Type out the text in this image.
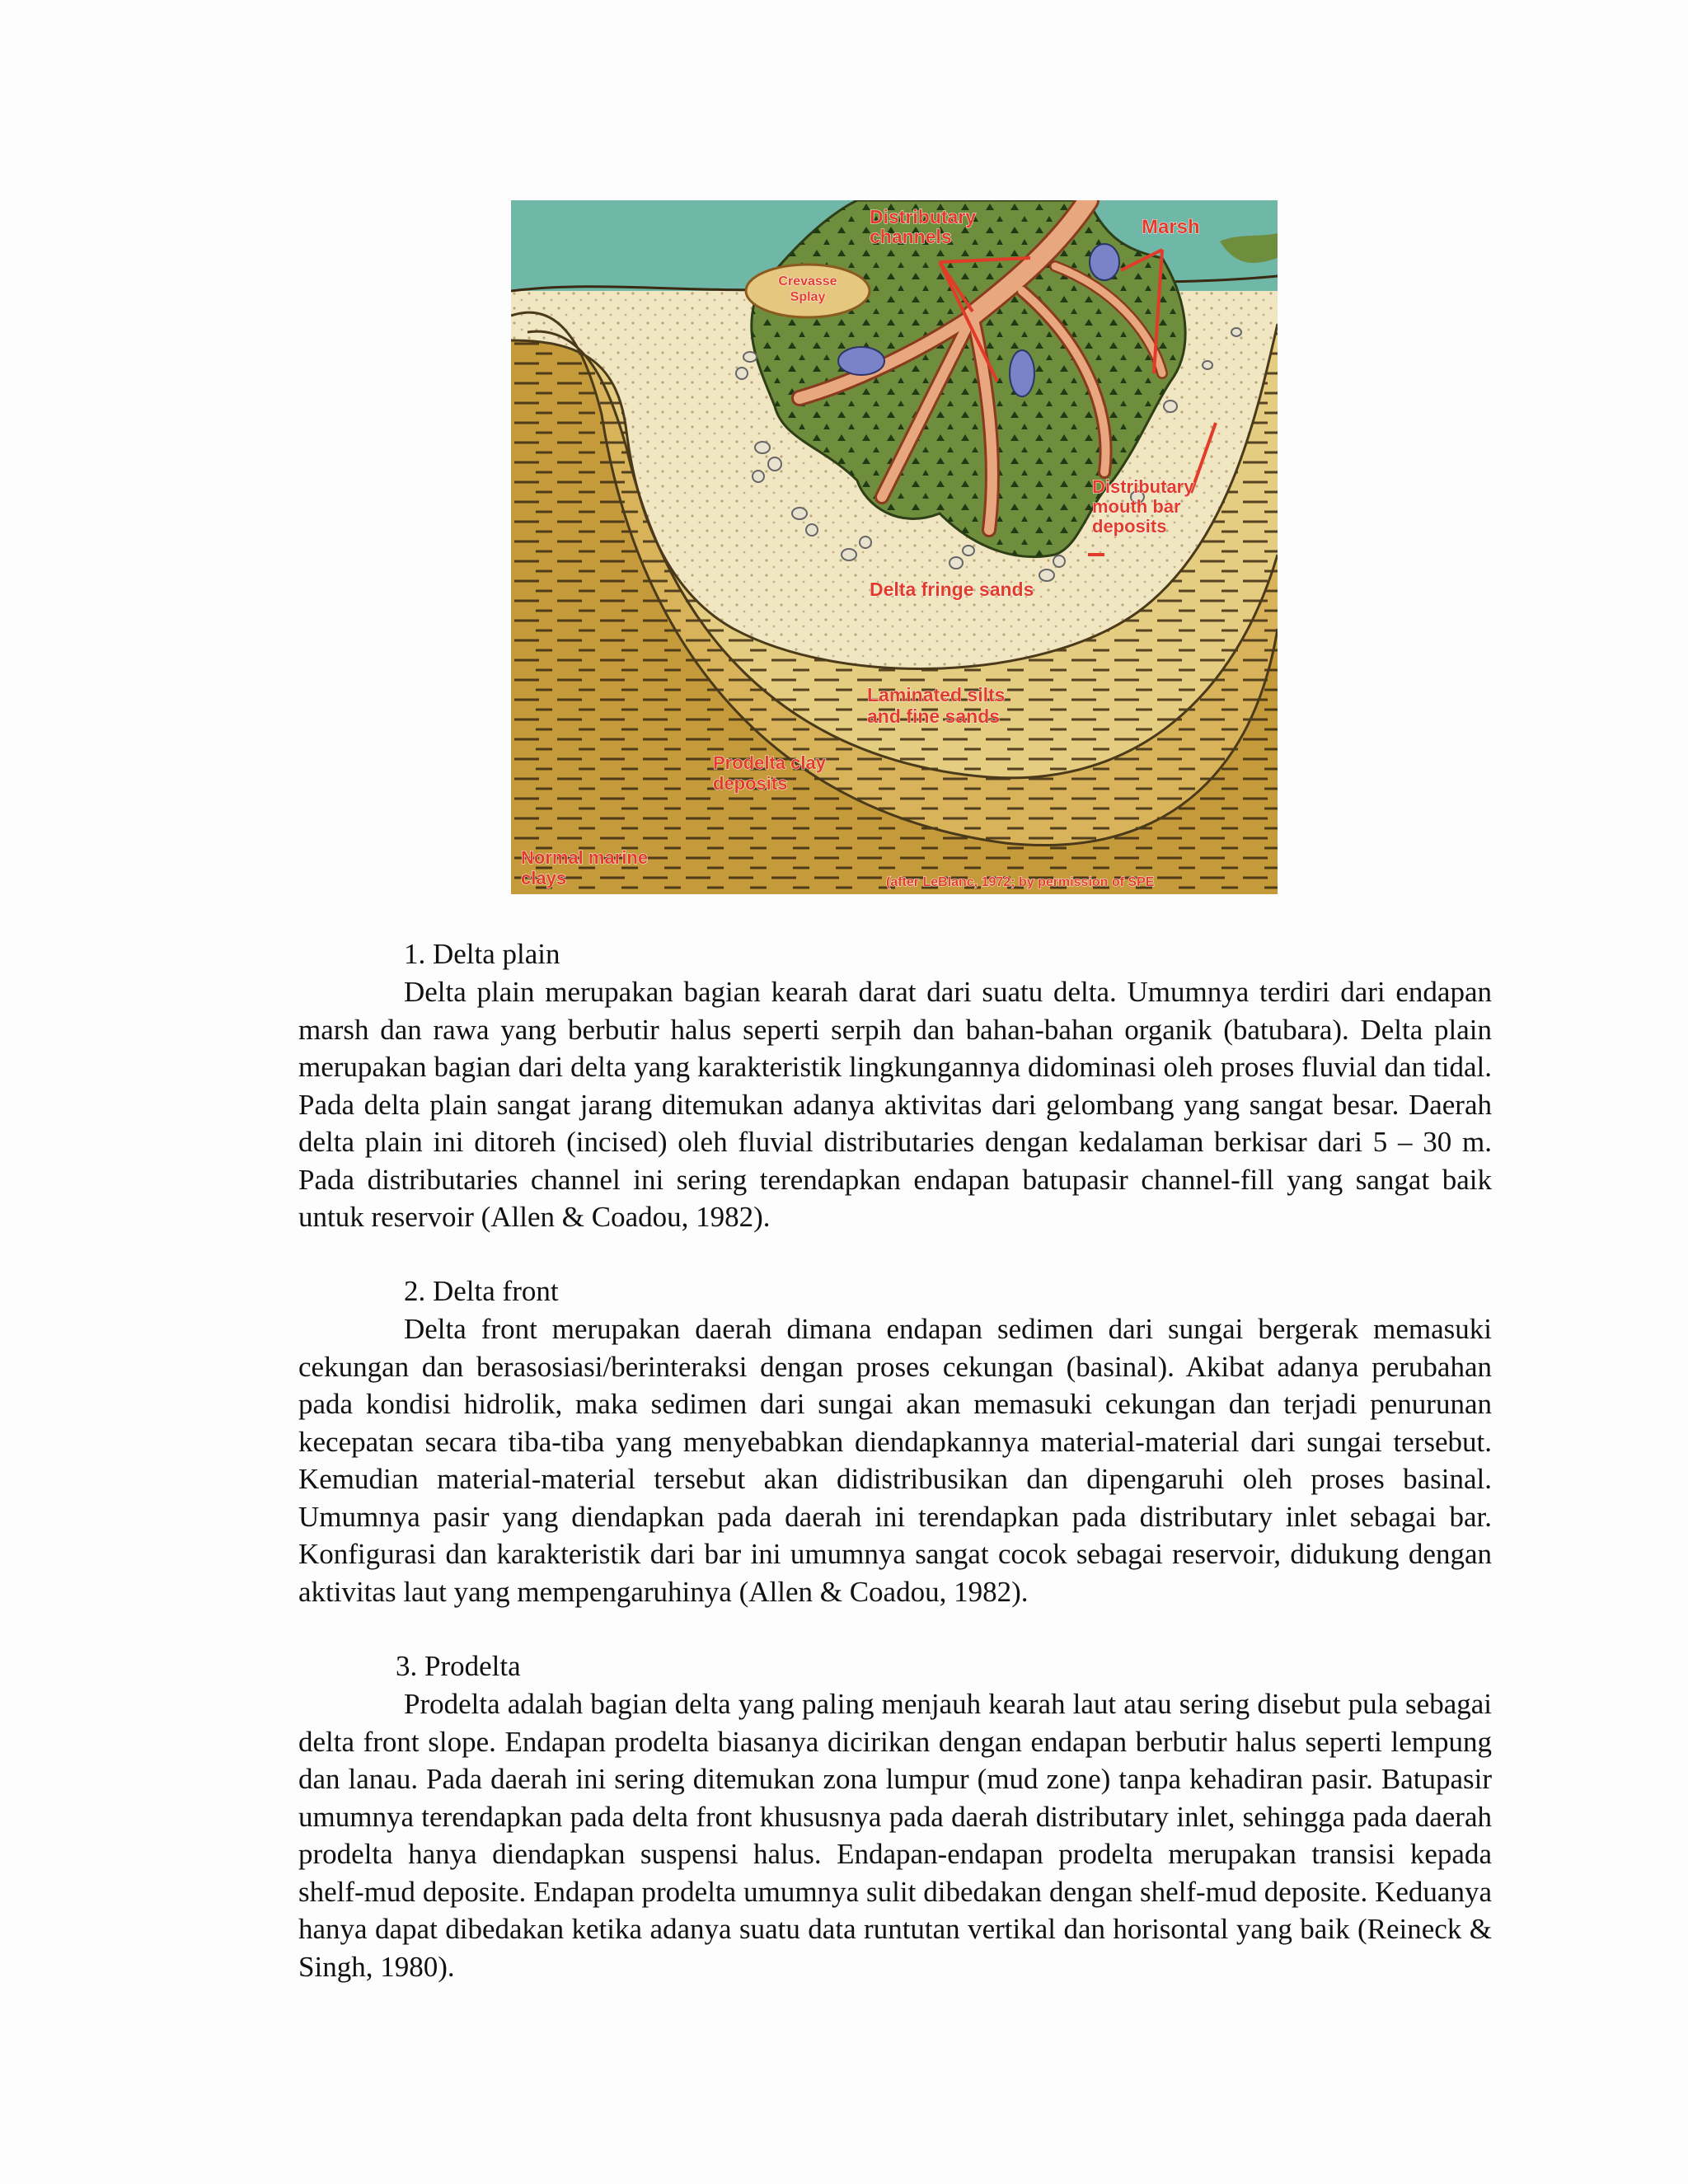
Distributary
channels	Marsh
Crevasse
Splay
Distributary
mouth bar
deposits
Delta fringe sands
Laminated silts
and fine sands
Prodelta clay
deposits
Normal marine
clays	(after LeBlanc, 1972; by permission of SPE
1. Delta plain
Delta plain merupakan bagian kearah darat dari suatu delta. Umumnya terdiri dari endapan marsh dan rawa yang berbutir halus seperti serpih dan bahan-bahan organik (batubara). Delta plain merupakan bagian dari delta yang karakteristik lingkungannya didominasi oleh proses fluvial dan tidal. Pada delta plain sangat jarang ditemukan adanya aktivitas dari gelombang yang sangat besar. Daerah delta plain ini ditoreh (incised) oleh fluvial distributaries dengan kedalaman berkisar dari 5 – 30 m. Pada distributaries channel ini sering terendapkan endapan batupasir channel-fill yang sangat baik untuk reservoir (Allen & Coadou, 1982).
2. Delta front
Delta front merupakan daerah dimana endapan sedimen dari sungai bergerak memasuki cekungan dan berasosiasi/berinteraksi dengan proses cekungan (basinal). Akibat adanya perubahan pada kondisi hidrolik, maka sedimen dari sungai akan memasuki cekungan dan terjadi penurunan kecepatan secara tiba-tiba yang menyebabkan diendapkannya material-material dari sungai tersebut. Kemudian material-material tersebut akan didistribusikan dan dipengaruhi oleh proses basinal. Umumnya pasir yang diendapkan pada daerah ini terendapkan pada distributary inlet sebagai bar. Konfigurasi dan karakteristik dari bar ini umumnya sangat cocok sebagai reservoir, didukung dengan aktivitas laut yang mempengaruhinya (Allen & Coadou, 1982).
3. Prodelta
Prodelta adalah bagian delta yang paling menjauh kearah laut atau sering disebut pula sebagai delta front slope. Endapan prodelta biasanya dicirikan dengan endapan berbutir halus seperti lempung dan lanau. Pada daerah ini sering ditemukan zona lumpur (mud zone) tanpa kehadiran pasir. Batupasir umumnya terendapkan pada delta front khususnya pada daerah distributary inlet, sehingga pada daerah prodelta hanya diendapkan suspensi halus. Endapan-endapan prodelta merupakan transisi kepada shelf-mud deposite. Endapan prodelta umumnya sulit dibedakan dengan shelf-mud deposite. Keduanya hanya dapat dibedakan ketika adanya suatu data runtutan vertikal dan horisontal yang baik (Reineck & Singh, 1980).
